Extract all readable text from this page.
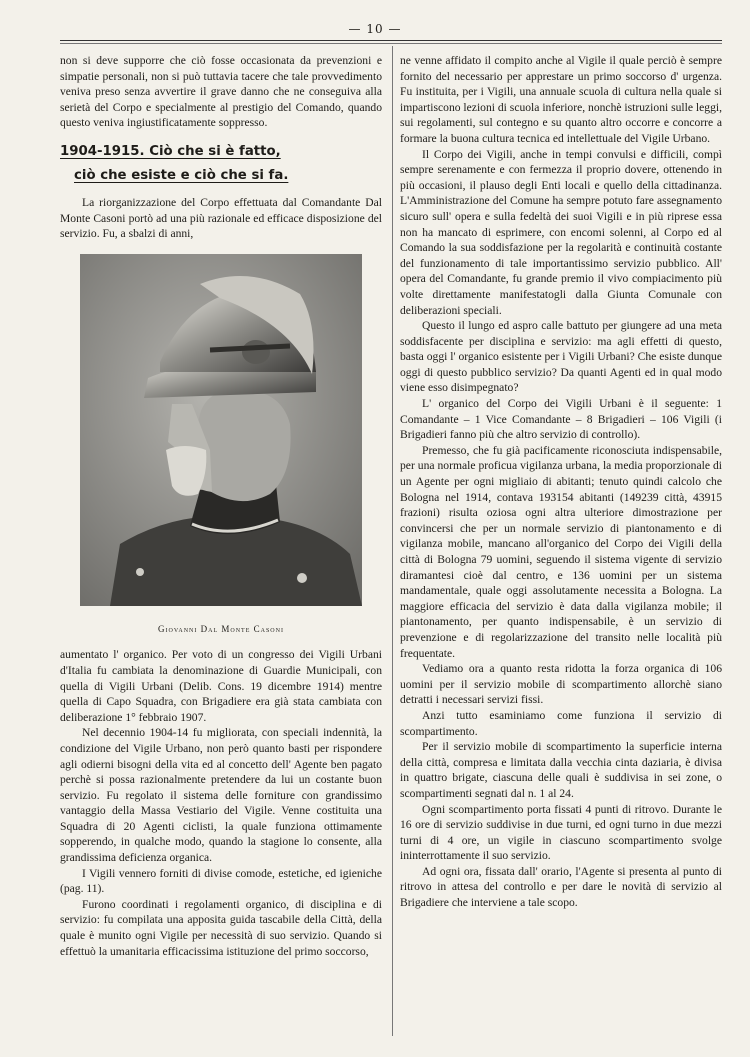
— 10 —

non si deve supporre che ciò fosse occasionata da prevenzioni e simpatie personali, non si può tuttavia tacere che tale provvedimento veniva preso senza avvertire il grave danno che ne conseguiva alla serietà del Corpo e specialmente al prestigio del Comando, quando questo veniva ingiustificatamente soppresso.

1904-1915. Ciò che si è fatto,
ciò che esiste e ciò che si fa.

La riorganizzazione del Corpo effettuata dal Comandante Dal Monte Casoni portò ad una più razionale ed efficace disposizione del servizio. Fu, a sbalzi di anni,

Giovanni Dal Monte Casoni

aumentato l' organico. Per voto di un congresso dei Vigili Urbani d'Italia fu cambiata la denominazione di Guardie Municipali, con quella di Vigili Urbani (Delib. Cons. 19 dicembre 1914) mentre quella di Capo Squadra, con Brigadiere era già stata cambiata con deliberazione 1° febbraio 1907.

Nel decennio 1904-14 fu migliorata, con speciali indennità, la condizione del Vigile Urbano, non però quanto basti per rispondere agli odierni bisogni della vita ed al concetto dell' Agente ben pagato perchè si possa razionalmente pretendere da lui un costante buon servizio. Fu regolato il sistema delle forniture con grandissimo vantaggio della Massa Vestiario del Vigile. Venne costituita una Squadra di 20 Agenti ciclisti, la quale funziona ottimamente sopperendo, in qualche modo, quando la stagione lo consente, alla grandissima deficienza organica.

I Vigili vennero forniti di divise comode, estetiche, ed igieniche (pag. 11).

Furono coordinati i regolamenti organico, di disciplina e di servizio: fu compilata una apposita guida tascabile della Città, della quale è munito ogni Vigile per necessità di suo servizio. Quando si effettuò la umanitaria efficacissima istituzione del primo soccorso,

ne venne affidato il compito anche al Vigile il quale perciò è sempre fornito del necessario per apprestare un primo soccorso d' urgenza. Fu instituita, per i Vigili, una annuale scuola di cultura nella quale si impartiscono lezioni di scuola inferiore, nonchè istruzioni sulle leggi, sui regolamenti, sul contegno e su quanto altro occorre e concorre a formare la buona cultura tecnica ed intellettuale del Vigile Urbano.

Il Corpo dei Vigili, anche in tempi convulsi e difficili, compì sempre serenamente e con fermezza il proprio dovere, ottenendo in più occasioni, il plauso degli Enti locali e quello della cittadinanza. L'Amministrazione del Comune ha sempre potuto fare assegnamento sicuro sull' opera e sulla fedeltà dei suoi Vigili e in più riprese essa non ha mancato di esprimere, con encomi solenni, al Corpo ed al Comando la sua soddisfazione per la regolarità e continuità costante del funzionamento di tale importantissimo servizio pubblico. All' opera del Comandante, fu grande premio il vivo compiacimento più volte direttamente manifestatogli dalla Giunta Comunale con deliberazioni speciali.

Questo il lungo ed aspro calle battuto per giungere ad una meta soddisfacente per disciplina e servizio: ma agli effetti di questo, basta oggi l' organico esistente per i Vigili Urbani? Che esiste dunque oggi di questo pubblico servizio? Da quanti Agenti ed in qual modo viene esso disimpegnato?

L' organico del Corpo dei Vigili Urbani è il seguente: 1 Comandante – 1 Vice Comandante – 8 Brigadieri – 106 Vigili (i Brigadieri fanno più che altro servizio di controllo).

Premesso, che fu già pacificamente riconosciuta indispensabile, per una normale proficua vigilanza urbana, la media proporzionale di un Agente per ogni migliaio di abitanti; tenuto quindi calcolo che Bologna nel 1914, contava 193154 abitanti (149239 città, 43915 frazioni) risulta oziosa ogni altra ulteriore dimostrazione per convincersi che per un normale servizio di piantonamento e di vigilanza mobile, mancano all'organico del Corpo dei Vigili della città di Bologna 79 uomini, seguendo il sistema vigente di servizio diramantesi cioè dal centro, e 136 uomini per un sistema mandamentale, quale oggi assolutamente necessita a Bologna. La maggiore efficacia del servizio è data dalla vigilanza mobile; il piantonamento, per quanto indispensabile, è un servizio di prevenzione e di regolarizzazione del transito nelle località più frequentate.

Vediamo ora a quanto resta ridotta la forza organica di 106 uomini per il servizio mobile di scompartimento allorchè siano detratti i necessari servizi fissi.

Anzi tutto esaminiamo come funziona il servizio di scompartimento.

Per il servizio mobile di scompartimento la superficie interna della città, compresa e limitata dalla vecchia cinta daziaria, è divisa in quattro brigate, ciascuna delle quali è suddivisa in sei zone, o scompartimenti segnati dal n. 1 al 24.

Ogni scompartimento porta fissati 4 punti di ritrovo. Durante le 16 ore di servizio suddivise in due turni, ed ogni turno in due mezzi turni di 4 ore, un vigile in ciascuno scompartimento svolge ininterrottamente il suo servizio.

Ad ogni ora, fissata dall' orario, l'Agente si presenta al punto di ritrovo in attesa del controllo e per dare le novità di servizio al Brigadiere che interviene a tale scopo.
